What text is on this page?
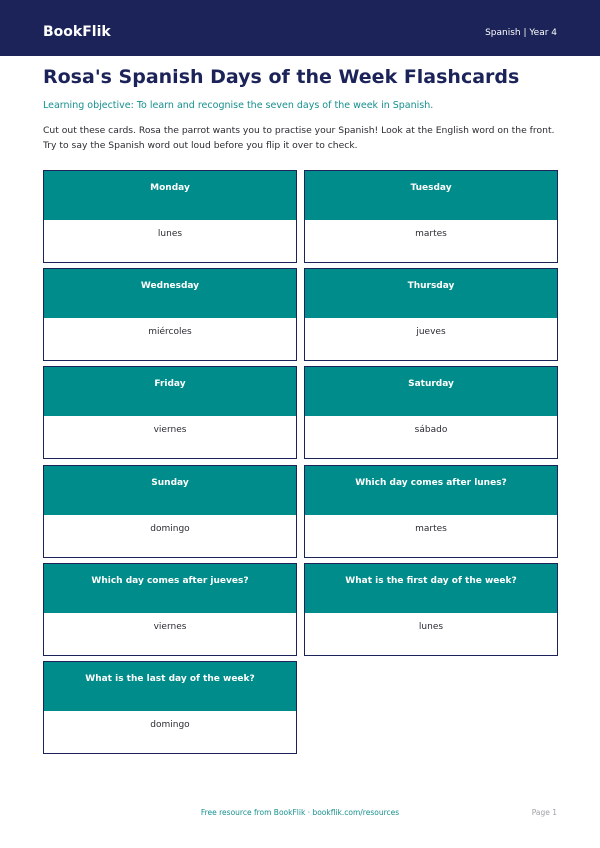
BookFlik	Spanish | Year 4
Rosa's Spanish Days of the Week Flashcards

Learning objective: To learn and recognise the seven days of the week in Spanish.

Cut out these cards. Rosa the parrot wants you to practise your Spanish! Look at the English word on the front. Try to say the Spanish word out loud before you flip it over to check.

Monday
lunes
Tuesday
martes
Wednesday
miércoles
Thursday
jueves
Friday
viernes
Saturday
sábado
Sunday
domingo
Which day comes after lunes?
martes
Which day comes after jueves?
viernes
What is the first day of the week?
lunes
What is the last day of the week?
domingo
Free resource from BookFlik · bookflik.com/resources	Page 1
